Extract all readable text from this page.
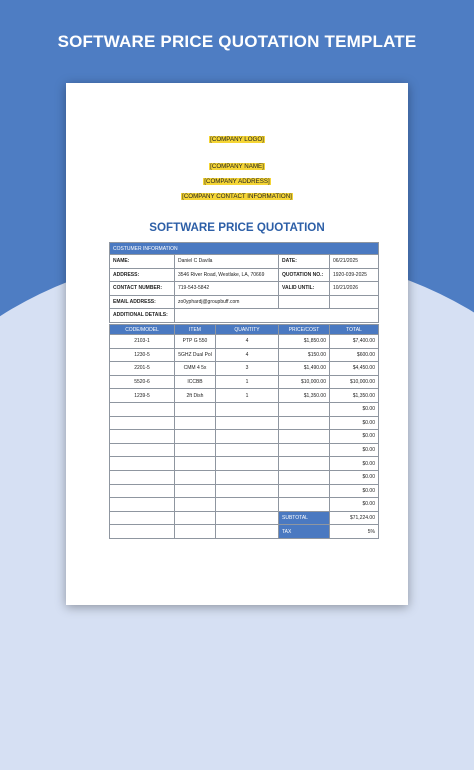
SOFTWARE PRICE QUOTATION TEMPLATE
[COMPANY LOGO]
[COMPANY NAME]
[COMPANY ADDRESS]
[COMPANY CONTACT INFORMATION]
SOFTWARE PRICE QUOTATION
COSTUMER INFORMATION			
NAME:	Daniel C Davila	DATE:	06/21/2025
ADDRESS:	3546 River Road, Westlake, LA, 70669	QUOTATION NO.:	1920-039-2025
CONTACT NUMBER:	719-543-5842	VALID UNTIL:	10/21/2026
EMAIL ADDRESS:	zo0yphardj@groupbuff.com		
ADDITIONAL DETAILS:			
CODE/MODEL	ITEM	QUANTITY	PRICE/COST	TOTAL
2103-1	PTP G 550	4	$1,850.00	$7,400.00
1230-5	5GHZ Dual Pol	4	$150.00	$600.00
2201-5	CMM 4 5x	3	$1,490.00	$4,450.00
5520-6	ICCBB	1	$10,000.00	$10,000.00
1239-5	2ft Dish	1	$1,350.00	$1,350.00
				$0.00
				$0.00
				$0.00
				$0.00
				$0.00
				$0.00
				$0.00
				$0.00
			SUBTOTAL	$71,224.00
			TAX	5%
